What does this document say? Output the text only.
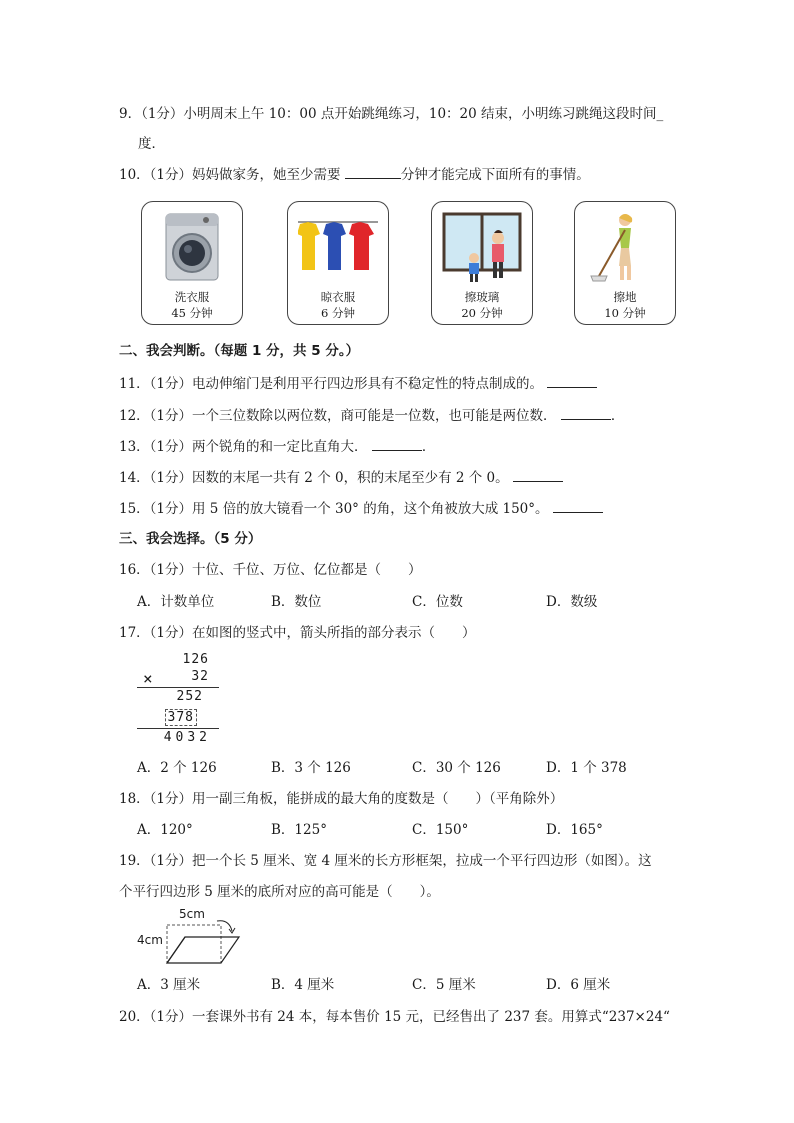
9．（1分）小明周末上午 10：00 点开始跳绳练习，10：20 结束，小明练习跳绳这段时间_
度．
10．（1分）妈妈做家务，她至少需要	分钟才能完成下面所有的事情。
洗衣服
45 分钟
晾衣服
6 分钟
擦玻璃
20 分钟
擦地
10 分钟
二、我会判断。（每题 1 分，共 5 分。）
11．（1分）电动伸缩门是利用平行四边形具有不稳定性的特点制成的。
12．（1分）一个三位数除以两位数，商可能是一位数，也可能是两位数．	．
13．（1分）两个锐角的和一定比直角大．	．
14．（1分）因数的末尾一共有 2 个 0，积的末尾至少有 2 个 0。
15．（1分）用 5 倍的放大镜看一个 30° 的角，这个角被放大成 150°。
三、我会选择。（5 分）
16．（1分）十位、千位、万位、亿位都是（　　）
A．计数单位	B．数位	C．位数	D．数级
17．（1分）在如图的竖式中，箭头所指的部分表示（　　）
126
×	32
252
378
4032
A．2 个 126	B．3 个 126	C．30 个 126	D．1 个 378
18．（1分）用一副三角板，能拼成的最大角的度数是（　　）（平角除外）
A．120°	B．125°	C．150°	D．165°
19．（1分）把一个长 5 厘米、宽 4 厘米的长方形框架，拉成一个平行四边形（如图）。这
个平行四边形 5 厘米的底所对应的高可能是（　　）。
5cm
4cm
A．3 厘米	B．4 厘米	C．5 厘米	D．6 厘米
20．（1分）一套课外书有 24 本，每本售价 15 元，已经售出了 237 套。用算式“237×24“
